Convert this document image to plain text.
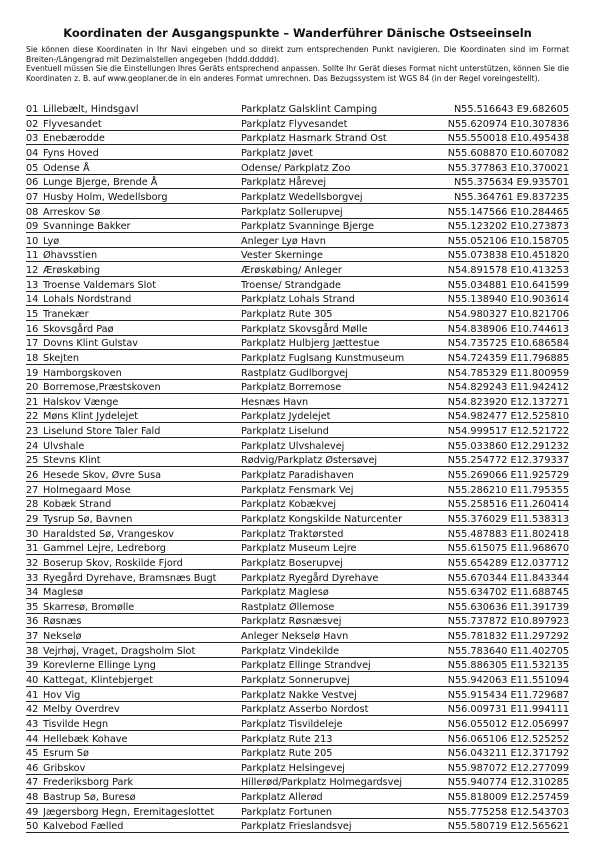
Koordinaten der Ausgangspunkte – Wanderführer Dänische Ostseeinseln

Sie können diese Koordinaten in Ihr Navi eingeben und so direkt zum entsprechenden Punkt navigieren. Die Koordinaten sind im Format Breiten-/Längengrad mit Dezimalstellen angegeben (hddd.ddddd).

Eventuell müssen Sie die Einstellungen Ihres Geräts entsprechend anpassen. Sollte Ihr Gerät dieses Format nicht unterstützen, können Sie die Koordinaten z. B. auf www.geoplaner.de in ein anderes Format umrechnen. Das Bezugssystem ist WGS 84 (in der Regel voreingestellt).

01	Lillebælt, Hindsgavl	Parkplatz Galsklint Camping	N55.516643 E9.682605
02	Flyvesandet	Parkplatz Flyvesandet	N55.620974 E10.307836
03	Enebærodde	Parkplatz Hasmark Strand Ost	N55.550018 E10.495438
04	Fyns Hoved	Parkplatz Jøvet	N55.608870 E10.607082
05	Odense Å	Odense/ Parkplatz Zoo	N55.377863 E10.370021
06	Lunge Bjerge, Brende Å	Parkplatz Hårevej	N55.375634 E9.935701
07	Husby Holm, Wedellsborg	Parkplatz Wedellsborgvej	N55.364761 E9.837235
08	Arreskov Sø	Parkplatz Sollerupvej	N55.147566 E10.284465
09	Svanninge Bakker	Parkplatz Svanninge Bjerge	N55.123202 E10.273873
10	Lyø	Anleger Lyø Havn	N55.052106 E10.158705
11	Øhavsstien	Vester Skerninge	N55.073838 E10.451820
12	Ærøskøbing	Ærøskøbing/ Anleger	N54.891578 E10.413253
13	Troense Valdemars Slot	Troense/ Strandgade	N55.034881 E10.641599
14	Lohals Nordstrand	Parkplatz Lohals Strand	N55.138940 E10.903614
15	Tranekær	Parkplatz Rute 305	N54.980327 E10.821706
16	Skovsgård Paø	Parkplatz Skovsgård Mølle	N54.838906 E10.744613
17	Dovns Klint Gulstav	Parkplatz Hulbjerg Jættestue	N54.735725 E10.686584
18	Skejten	Parkplatz Fuglsang Kunstmuseum	N54.724359 E11.796885
19	Hamborgskoven	Rastplatz Gudlborgvej	N54.785329 E11.800959
20	Borremose,Præstskoven	Parkplatz Borremose	N54.829243 E11.942412
21	Halskov Vænge	Hesnæs Havn	N54.823920 E12.137271
22	Møns Klint Jydelejet	Parkplatz Jydelejet	N54.982477 E12.525810
23	Liselund Store Taler Fald	Parkplatz Liselund	N54.999517 E12.521722
24	Ulvshale	Parkplatz Ulvshalevej	N55.033860 E12.291232
25	Stevns Klint	Rødvig/Parkplatz Østersøvej	N55.254772 E12.379337
26	Hesede Skov, Øvre Susa	Parkplatz Paradishaven	N55.269066 E11.925729
27	Holmegaard Mose	Parkplatz Fensmark Vej	N55.286210 E11.795355
28	Kobæk Strand	Parkplatz Kobækvej	N55.258516 E11.260414
29	Tysrup Sø, Bavnen	Parkplatz Kongskilde Naturcenter	N55.376029 E11.538313
30	Haraldsted Sø, Vrangeskov	Parkplatz Traktørsted	N55.487883 E11.802418
31	Gammel Lejre, Ledreborg	Parkplatz Museum Lejre	N55.615075 E11.968670
32	Boserup Skov, Roskilde Fjord	Parkplatz Boserupvej	N55.654289 E12.037712
33	Ryegård Dyrehave, Bramsnæs Bugt	Parkplatz Ryegård Dyrehave	N55.670344 E11.843344
34	Maglesø	Parkplatz Maglesø	N55.634702 E11.688745
35	Skarresø, Bromølle	Rastplatz Øllemose	N55.630636 E11.391739
36	Røsnæs	Parkplatz Røsnæsvej	N55.737872 E10.897923
37	Nekselø	Anleger Nekselø Havn	N55.781832 E11.297292
38	Vejrhøj, Vraget, Dragsholm Slot	Parkplatz Vindekilde	N55.783640 E11.402705
39	Korevlerne Ellinge Lyng	Parkplatz Ellinge Strandvej	N55.886305 E11.532135
40	Kattegat, Klintebjerget	Parkplatz Sonnerupvej	N55.942063 E11.551094
41	Hov Vig	Parkplatz Nakke Vestvej	N55.915434 E11.729687
42	Melby Overdrev	Parkplatz Asserbo Nordost	N56.009731 E11.994111
43	Tisvilde Hegn	Parkplatz Tisvildeleje	N56.055012 E12.056997
44	Hellebæk Kohave	Parkplatz Rute 213	N56.065106 E12.525252
45	Esrum Sø	Parkplatz Rute 205	N56.043211 E12.371792
46	Gribskov	Parkplatz Helsingevej	N55.987072 E12.277099
47	Frederiksborg Park	Hillerød/Parkplatz Holmegardsvej	N55.940774 E12.310285
48	Bastrup Sø, Buresø	Parkplatz Allerød	N55.818009 E12.257459
49	Jægersborg Hegn, Eremitageslottet	Parkplatz Fortunen	N55.775258 E12.543703
50	Kalvebod Fælled	Parkplatz Frieslandsvej	N55.580719 E12.565621
